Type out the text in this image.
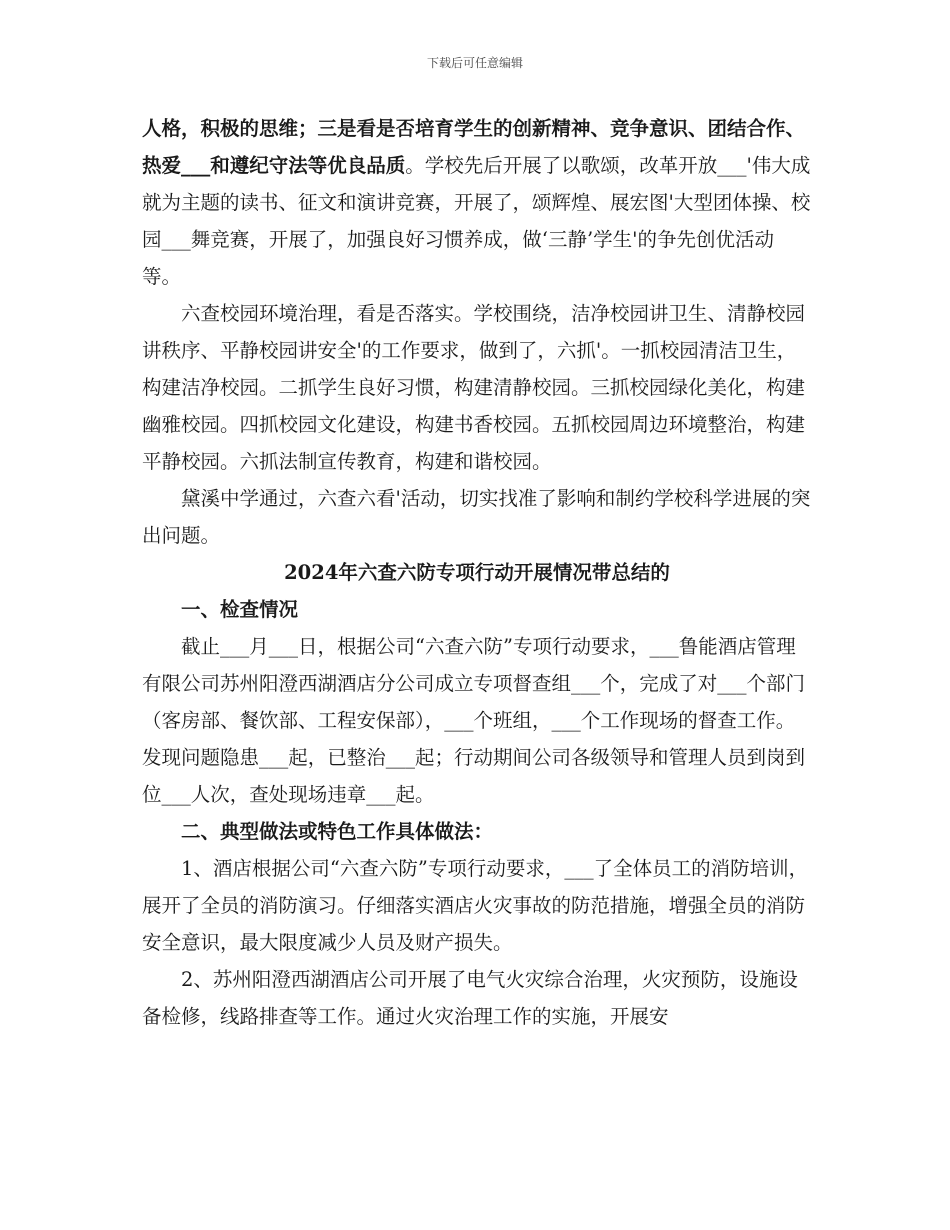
下载后可任意编辑

人格，积极的思维；三是看是否培育学生的创新精神、竞争意识、团结合作、热爱___和遵纪守法等优良品质。学校先后开展了以歌颂，改革开放___'伟大成就为主题的读书、征文和演讲竞赛，开展了，颂辉煌、展宏图'大型团体操、校园___舞竞赛，开展了，加强良好习惯养成，做‘三静’学生'的争先创优活动等。

六查校园环境治理，看是否落实。学校围绕，洁净校园讲卫生、清静校园讲秩序、平静校园讲安全'的工作要求，做到了，六抓'。一抓校园清洁卫生，构建洁净校园。二抓学生良好习惯，构建清静校园。三抓校园绿化美化，构建幽雅校园。四抓校园文化建设，构建书香校园。五抓校园周边环境整治，构建平静校园。六抓法制宣传教育，构建和谐校园。

黛溪中学通过，六查六看'活动，切实找准了影响和制约学校科学进展的突出问题。

2024年六查六防专项行动开展情况带总结的

一、检查情况

截止___月___日，根据公司“六查六防”专项行动要求，___鲁能酒店管理有限公司苏州阳澄西湖酒店分公司成立专项督查组___个，完成了对___个部门（客房部、餐饮部、工程安保部），___个班组，___个工作现场的督查工作。发现问题隐患___起，已整治___起；行动期间公司各级领导和管理人员到岗到位___人次，查处现场违章___起。

二、典型做法或特色工作具体做法：

1、酒店根据公司“六查六防”专项行动要求，___了全体员工的消防培训，展开了全员的消防演习。仔细落实酒店火灾事故的防范措施，增强全员的消防安全意识，最大限度减少人员及财产损失。

2、苏州阳澄西湖酒店公司开展了电气火灾综合治理，火灾预防，设施设备检修，线路排查等工作。通过火灾治理工作的实施，开展安
